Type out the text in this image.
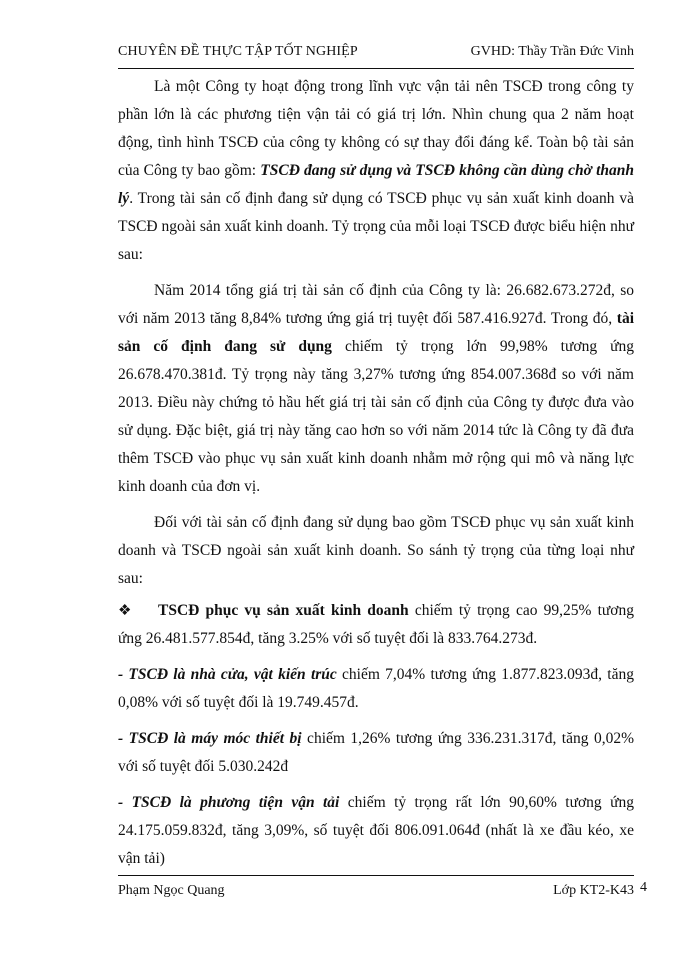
CHUYÊN ĐỀ THỰC TẬP TỐT NGHIỆP	GVHD: Thầy Trần Đức Vinh

Là một Công ty hoạt động trong lĩnh vực vận tải nên TSCĐ trong công ty phần lớn là các phương tiện vận tải có giá trị lớn. Nhìn chung qua 2 năm hoạt động, tình hình TSCĐ của công ty không có sự thay đổi đáng kể. Toàn bộ tài sản của Công ty bao gồm: TSCĐ đang sử dụng và TSCĐ không cần dùng chờ thanh lý. Trong tài sản cố định đang sử dụng có TSCĐ phục vụ sản xuất kinh doanh và TSCĐ ngoài sản xuất kinh doanh. Tỷ trọng của mỗi loại TSCĐ được biểu hiện như sau:

Năm 2014 tổng giá trị tài sản cố định của Công ty là: 26.682.673.272đ, so với năm 2013 tăng 8,84% tương ứng giá trị tuyệt đối 587.416.927đ. Trong đó, tài sản cố định đang sử dụng chiếm tỷ trọng lớn 99,98% tương ứng 26.678.470.381đ. Tỷ trọng này tăng 3,27% tương ứng 854.007.368đ so với năm 2013. Điều này chứng tỏ hầu hết giá trị tài sản cố định của Công ty được đưa vào sử dụng. Đặc biệt, giá trị này tăng cao hơn so với năm 2014 tức là Công ty đã đưa thêm TSCĐ vào phục vụ sản xuất kinh doanh nhằm mở rộng qui mô và năng lực kinh doanh của đơn vị.

Đối với tài sản cố định đang sử dụng bao gồm TSCĐ phục vụ sản xuất kinh doanh và TSCĐ ngoài sản xuất kinh doanh. So sánh tỷ trọng của từng loại như sau:

❖ TSCĐ phục vụ sản xuất kinh doanh chiếm tỷ trọng cao 99,25% tương ứng 26.481.577.854đ, tăng 3.25% với số tuyệt đối là 833.764.273đ.

- TSCĐ là nhà cửa, vật kiến trúc chiếm 7,04% tương ứng 1.877.823.093đ, tăng 0,08% với số tuyệt đối là 19.749.457đ.

- TSCĐ là máy móc thiết bị chiếm 1,26% tương ứng 336.231.317đ, tăng 0,02% với số tuyệt đối 5.030.242đ

- TSCĐ là phương tiện vận tải chiếm tỷ trọng rất lớn 90,60% tương ứng 24.175.059.832đ, tăng 3,09%, số tuyệt đối 806.091.064đ (nhất là xe đầu kéo, xe vận tải)

Phạm Ngọc Quang	Lớp KT2-K43 4
